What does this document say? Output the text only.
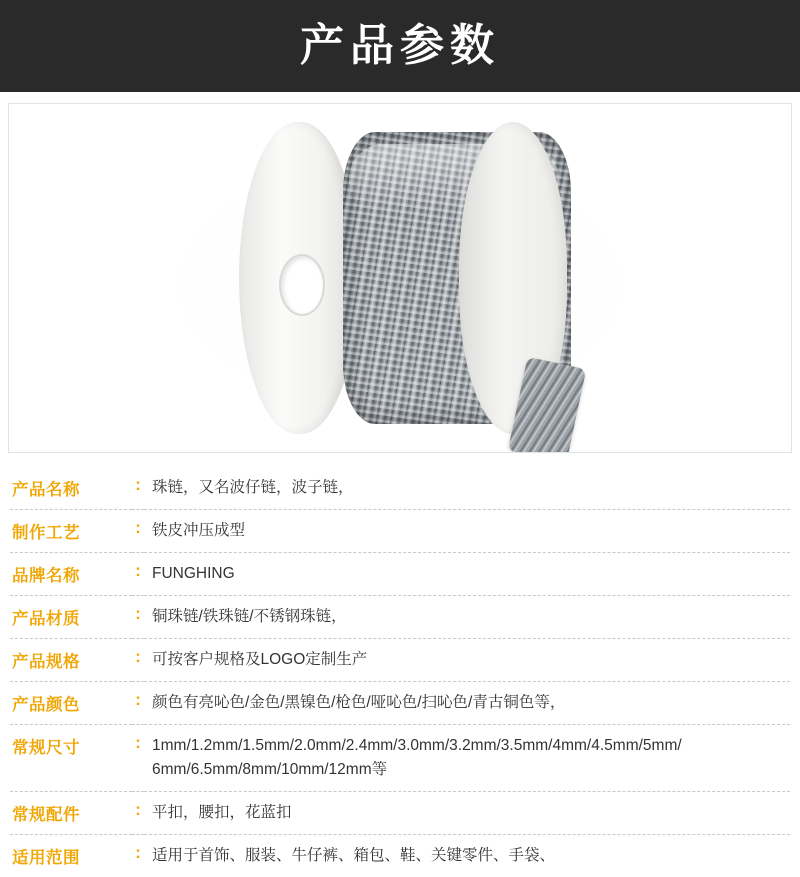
产品参数
产品名称	:	珠链，又名波仔链，波子链，
制作工艺	:	铁皮冲压成型
品牌名称	:	FUNGHING
产品材质	:	铜珠链/铁珠链/不锈钢珠链，
产品规格	:	可按客户规格及LOGO定制生产
产品颜色	:	颜色有亮吣色/金色/黑镍色/枪色/哑吣色/扫吣色/青古铜色等，
常规尺寸	:	1mm/1.2mm/1.5mm/2.0mm/2.4mm/3.0mm/3.2mm/3.5mm/4mm/4.5mm/5mm/
6mm/6.5mm/8mm/10mm/12mm等

常规配件	:	平扣，腰扣，花蓝扣
适用范围	:	适用于首饰、服装、牛仔裤、箱包、鞋、关键零件、手袋、
